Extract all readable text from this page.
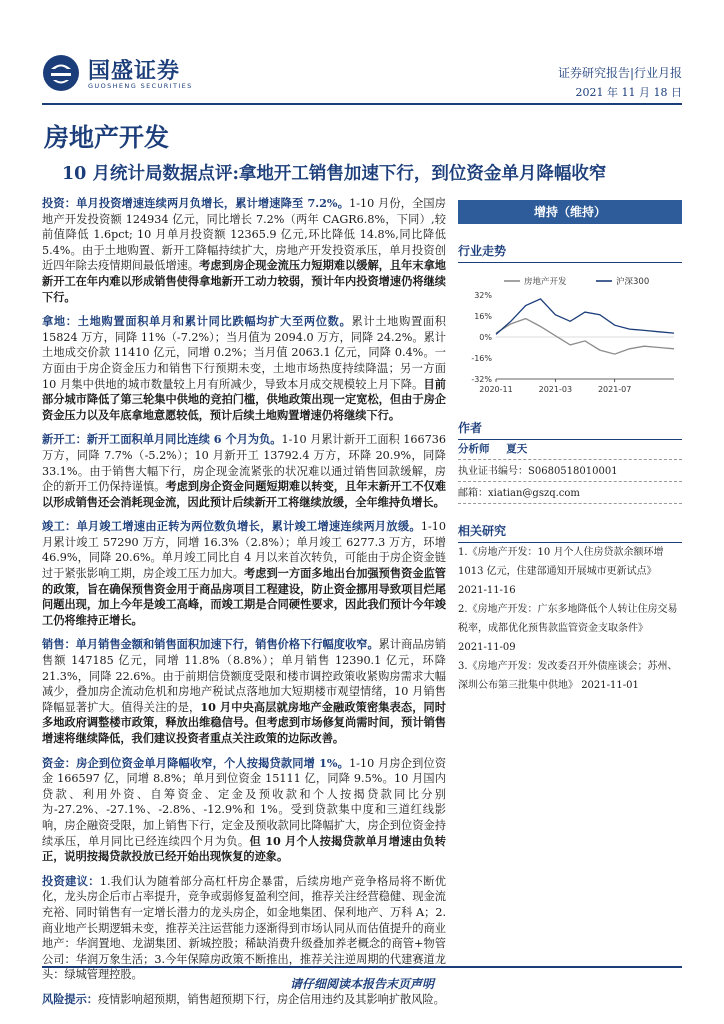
国盛证券
GUOSHENG SECURITIES
证券研究报告|行业月报
2021 年 11 月 18 日
房地产开发
10 月统计局数据点评:拿地开工销售加速下行，到位资金单月降幅收窄

投资：单月投资增速连续两月负增长，累计增速降至 7.2%。1-10 月份，全国房地产开发投资额 124934 亿元，同比增长 7.2%（两年 CAGR6.8%，下同）,较前值降低 1.6pct; 10 月单月投资额 12365.9 亿元,环比降低 14.8%,同比降低 5.4%。由于土地购置、新开工降幅持续扩大，房地产开发投资承压，单月投资创近四年除去疫情期间最低增速。考虑到房企现金流压力短期难以缓解，且年末拿地新开工在年内难以形成销售使得拿地新开工动力较弱，预计年内投资增速仍将继续下行。

拿地：土地购置面积单月和累计同比跌幅均扩大至两位数。累计土地购置面积 15824 万方，同降 11%（-7.2%）；当月值为 2094.0 万方，同降 24.2%。累计土地成交价款 11410 亿元，同增 0.2%；当月值 2063.1 亿元，同降 0.4%。一方面由于房企资金压力和销售下行预期未变，土地市场热度持续降温；另一方面 10 月集中供地的城市数量较上月有所减少，导致本月成交规模较上月下降。目前部分城市降低了第三轮集中供地的竞拍门槛，供地政策出现一定宽松，但由于房企资金压力以及年底拿地意愿较低，预计后续土地购置增速仍将继续下行。

新开工：新开工面积单月同比连续 6 个月为负。1-10 月累计新开工面积 166736 万方，同降 7.7%（-5.2%）；10 月新开工 13792.4 万方，环降 20.9%，同降 33.1%。由于销售大幅下行，房企现金流紧张的状况难以通过销售回款缓解，房企的新开工仍保持谨慎。考虑到房企资金问题短期难以转变，且年末新开工不仅难以形成销售还会消耗现金流，因此预计后续新开工将继续放缓，全年维持负增长。

竣工：单月竣工增速由正转为两位数负增长，累计竣工增速连续两月放缓。1-10 月累计竣工 57290 万方，同增 16.3%（2.8%）；单月竣工 6277.3 万方，环增 46.9%，同降 20.6%。单月竣工同比自 4 月以来首次转负，可能由于房企资金链过于紧张影响工期，房企竣工压力加大。考虑到一方面多地出台加强预售资金监管的政策，旨在确保预售资金用于商品房项目工程建设，防止资金挪用导致项目烂尾问题出现，加上今年是竣工高峰，而竣工期是合同硬性要求，因此我们预计今年竣工仍将维持正增长。

销售：单月销售金额和销售面积加速下行，销售价格下行幅度收窄。累计商品房销售额 147185 亿元，同增 11.8%（8.8%）；单月销售 12390.1 亿元，环降 21.3%，同降 22.6%。由于前期信贷额度受限和楼市调控政策收紧购房需求大幅减少，叠加房企流动危机和房地产税试点落地加大短期楼市观望情绪，10 月销售降幅显著扩大。值得关注的是，10 月中央高层就房地产金融政策密集表态，同时多地政府调整楼市政策，释放出维稳信号。但考虑到市场修复尚需时间，预计销售增速将继续降低，我们建议投资者重点关注政策的边际改善。

资金：房企到位资金单月降幅收窄，个人按揭贷款同增 1%。1-10 月房企到位资金 166597 亿，同增 8.8%；单月到位资金 15111 亿，同降 9.5%。10 月国内贷款、利用外资、自筹资金、定金及预收款和个人按揭贷款同比分别为-27.2%、-27.1%、-2.8%、-12.9%和 1%。受到贷款集中度和三道红线影响，房企融资受限，加上销售下行，定金及预收款同比降幅扩大，房企到位资金持续承压，单月同比已经连续四个月为负。但 10 月个人按揭贷款单月增速由负转正，说明按揭贷款投放已经开始出现恢复的迹象。

投资建议：1.我们认为随着部分高杠杆房企暴雷，后续房地产竞争格局将不断优化，龙头房企后市占率提升，竞争或弱修复盈利空间，推荐关注经营稳健、现金流充裕、同时销售有一定增长潜力的龙头房企，如金地集团、保利地产、万科 A；2.商业地产长期逻辑未变，推荐关注运营能力逐渐得到市场认同从而估值提升的商业地产：华润置地、龙湖集团、新城控股；稀缺消费升级叠加养老概念的商管+物管公司：华润万象生活；3.今年保障房政策不断推出，推荐关注逆周期的代建赛道龙头：绿城管理控股。

风险提示：疫情影响超预期，销售超预期下行，房企信用违约及其影响扩散风险。

增持（维持）
行业走势
32%
16%
0%
-16%
-32%
2020-11	2021-03	2021-07
房地产开发	沪深300
作者
分析师 夏天
执业证书编号：S0680518010001
邮箱：xiatian@gszq.com
相关研究
1.《房地产开发：10 月个人住房贷款余额环增 1013 亿元，住建部通知开展城市更新试点》 2021-11-16
2.《房地产开发：广东多地降低个人转让住房交易税率，成都优化预售款监管资金支取条件》 2021-11-09
3.《房地产开发：发改委召开外债座谈会；苏州、深圳公布第三批集中供地》 2021-11-01
请仔细阅读本报告末页声明
